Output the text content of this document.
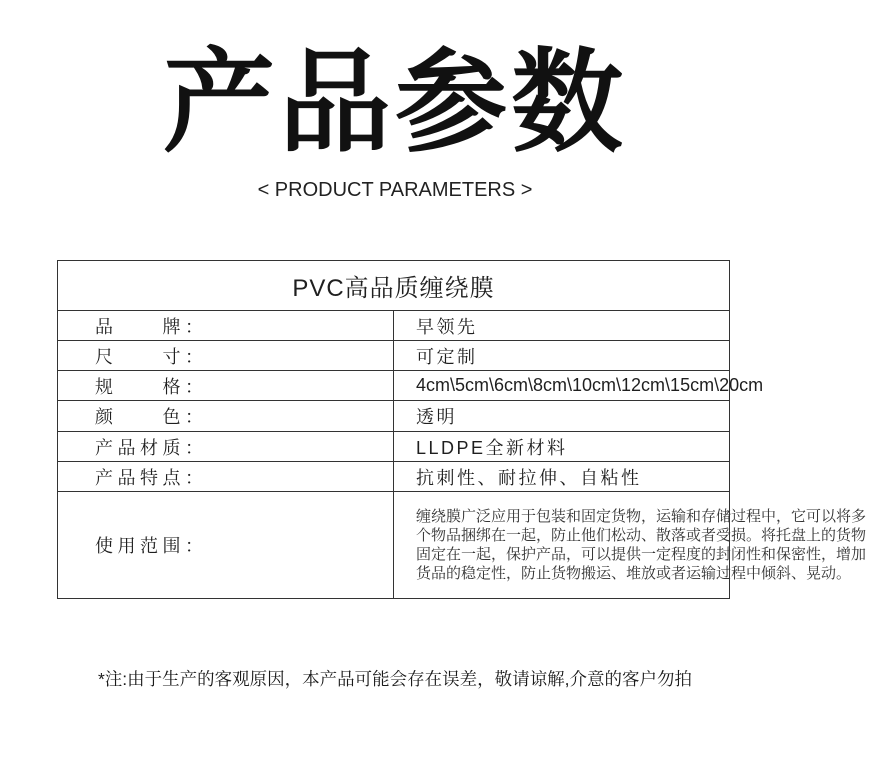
产品参数
< PRODUCT PARAMETERS >
PVC高品质缠绕膜	
品　　牌：	早领先
尺　　寸：	可定制
规　　格：	4cm\5cm\6cm\8cm\10cm\12cm\15cm\20cm
颜　　色：	透明
产品材质：	LLDPE全新材料
产品特点：	抗刺性、耐拉伸、自粘性
使用范围：	缠绕膜广泛应用于包装和固定货物，运输和存储过程中，它可以将多个物品捆绑在一起，防止他们松动、散落或者受损。将托盘上的货物固定在一起，保护产品，可以提供一定程度的封闭性和保密性，增加货品的稳定性，防止货物搬运、堆放或者运输过程中倾斜、晃动。
*注:由于生产的客观原因，本产品可能会存在误差，敬请谅解,介意的客户勿拍
